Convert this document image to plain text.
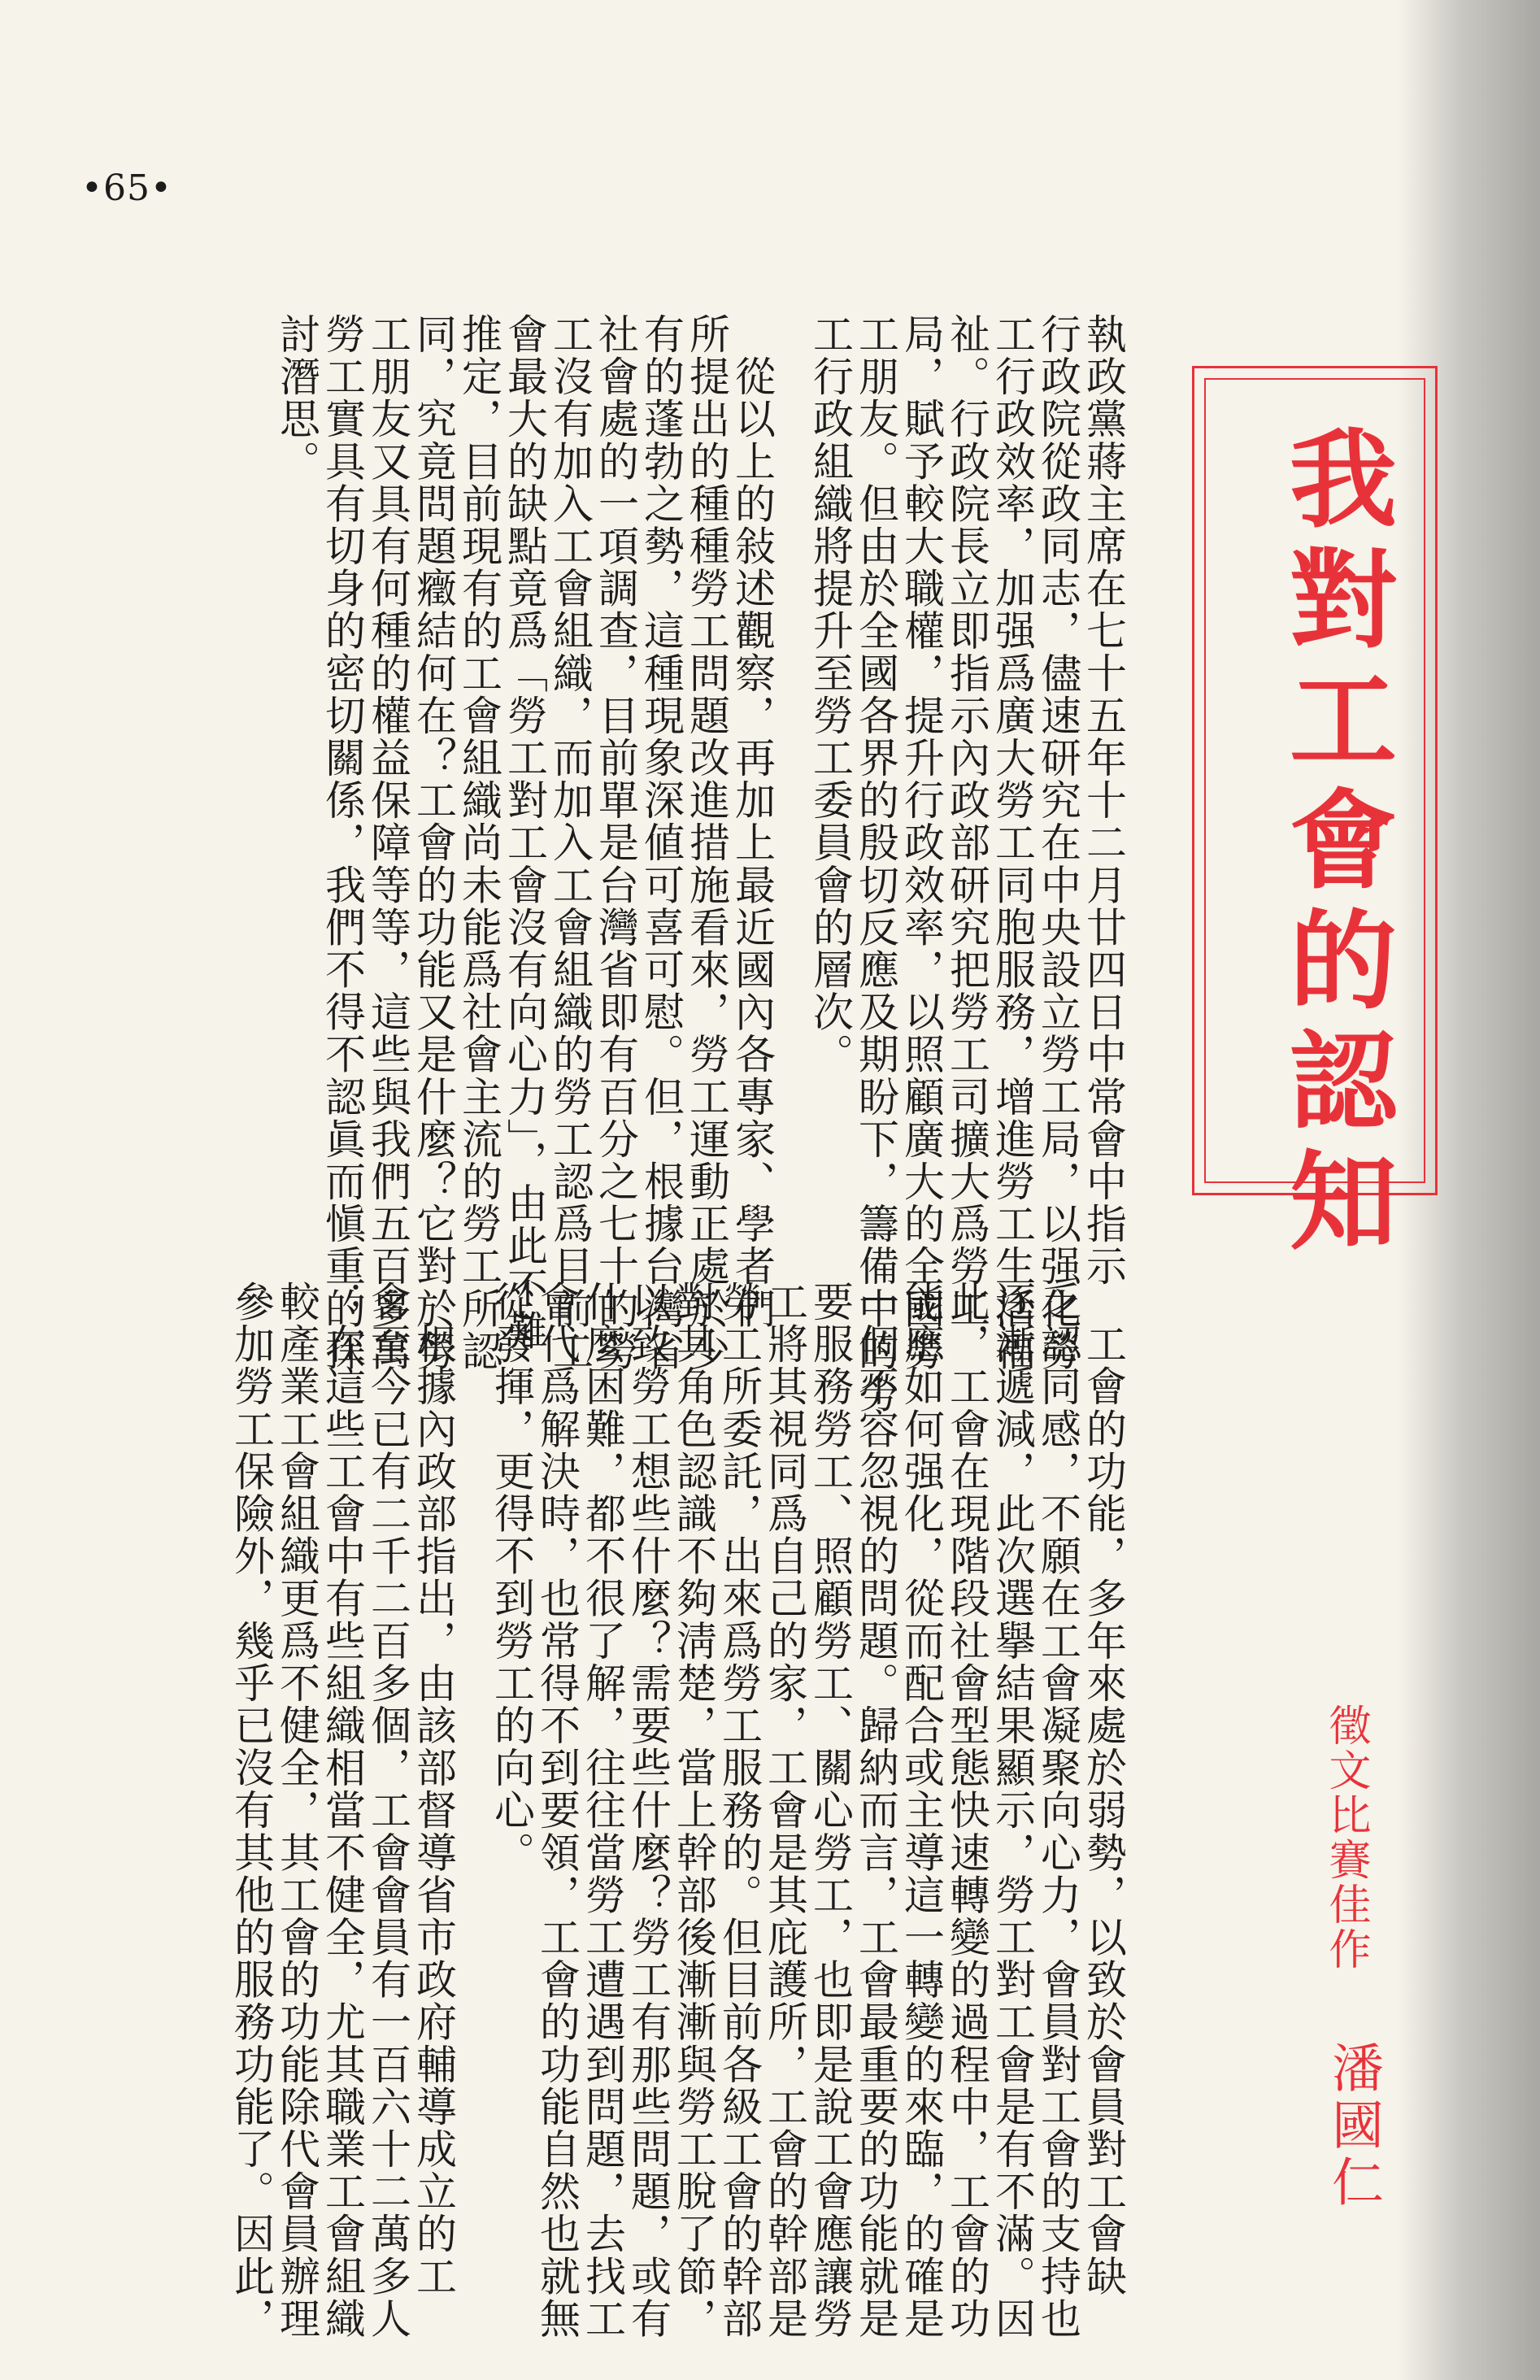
•65•
執政黨蔣主席在七十五年十二月廿四日中常會中指示
行政院從政同志，儘速研究在中央設立勞工局，以强化勞
工行政效率，加强爲廣大勞工同胞服務，增進勞工生活福
祉。行政院長立即指示內政部研究把勞工司擴大爲勞工
局，賦予較大職權，提升行政效率，以照顧廣大的全國勞
工朋友。但由於全國各界的殷切反應及期盼下，籌備中的勞
工行政組織將提升至勞工委員會的層次。
　從以上的敍述觀察，再加上最近國內各專家、學者們
所提出的種種勞工問題改進措施看來，勞工運動正處於少
有的蓬勃之勢，這種現象深値可喜可慰。但，根據台灣省
社會處的一項調查，目前單是台灣省即有百分之七十的勞
工沒有加入工會組織，而加入工會組織的勞工認爲目前工
會最大的缺點竟爲「勞工對工會沒有向心力」，由此不難
推定，目前現有的工會組織尚未能爲社會主流的勞工所認
同，究竟問題癥結何在？工會的功能又是什麼？它對於勞
工朋友又具有何種的權益保障等等，這些與我們五百多萬
勞工實具有切身的密切關係，我們不得不認眞而愼重的探
討潛思。
　工會的功能，多年來處於弱勢，以致於會員對工會缺
乏認同感，不願在工會凝聚向心力，會員對工會的支持也
逐漸遞減，此次選擧結果顯示，勞工對工會是有不滿。因
此，工會在現階段社會型態快速轉變的過程中，工會的功
能應如何强化，從而配合或主導這一轉變的來臨，的確是
一個不容忽視的問題。歸納而言，工會最重要的功能就是
要服務勞工、照顧勞工、關心勞工，也即是說工會應讓勞
工將其視同爲自己的家，工會是其庇護所，工會的幹部是
勞工所委託，出來爲勞工服務的。但目前各級工會的幹部
對其角色認識不夠淸楚，當上幹部後漸漸與勞工脫了節，
以致勞工想些什麼？需要些什麼？勞工有那些問題，或有
什麼困難，都不很了解，往往當勞工遭遇到問題，去找工
會代爲解決時，也常得不到要領，工會的功能自然也就無
從發揮，更得不到勞工的向心。
　根據內政部指出，由該部督導省市政府輔導成立的工
會至今已有二千二百多個，工會會員有一百六十二萬多人
；在這些工會中有些組織相當不健全，尤其職業工會組織
較產業工會組織更爲不健全，其工會的功能除代會員辦理
參加勞工保險外，幾乎已沒有其他的服務功能了。因此，
我對工會的認知
徵文比賽佳作
潘國仁
